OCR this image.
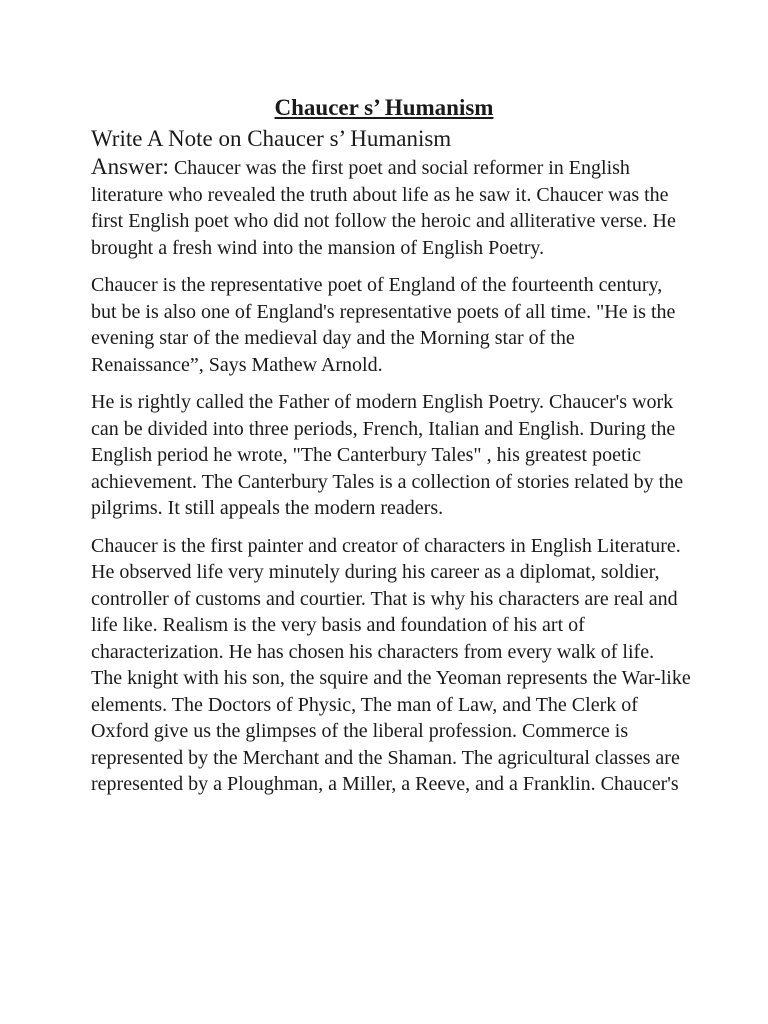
Chaucer s’ Humanism
Write A Note on Chaucer s’ Humanism

Answer: Chaucer was the first poet and social reformer in English literature who revealed the truth about life as he saw it. Chaucer was the first English poet who did not follow the heroic and alliterative verse. He brought a fresh wind into the mansion of English Poetry.

Chaucer is the representative poet of England of the fourteenth century, but be is also one of England's representative poets of all time. "He is the evening star of the medieval day and the Morning star of the Renaissance”, Says Mathew Arnold.

He is rightly called the Father of modern English Poetry. Chaucer's work can be divided into three periods, French, Italian and English. During the English period he wrote, "The Canterbury Tales" , his greatest poetic achievement. The Canterbury Tales is a collection of stories related by the pilgrims. It still appeals the modern readers.

Chaucer is the first painter and creator of characters in English Literature. He observed life very minutely during his career as a diplomat, soldier, controller of customs and courtier. That is why his characters are real and life like. Realism is the very basis and foundation of his art of characterization. He has chosen his characters from every walk of life.

The knight with his son, the squire and the Yeoman represents the War-like elements. The Doctors of Physic, The man of Law, and The Clerk of Oxford give us the glimpses of the liberal profession. Commerce is represented by the Merchant and the Shaman. The agricultural classes are represented by a Ploughman, a Miller, a Reeve, and a Franklin. Chaucer's
